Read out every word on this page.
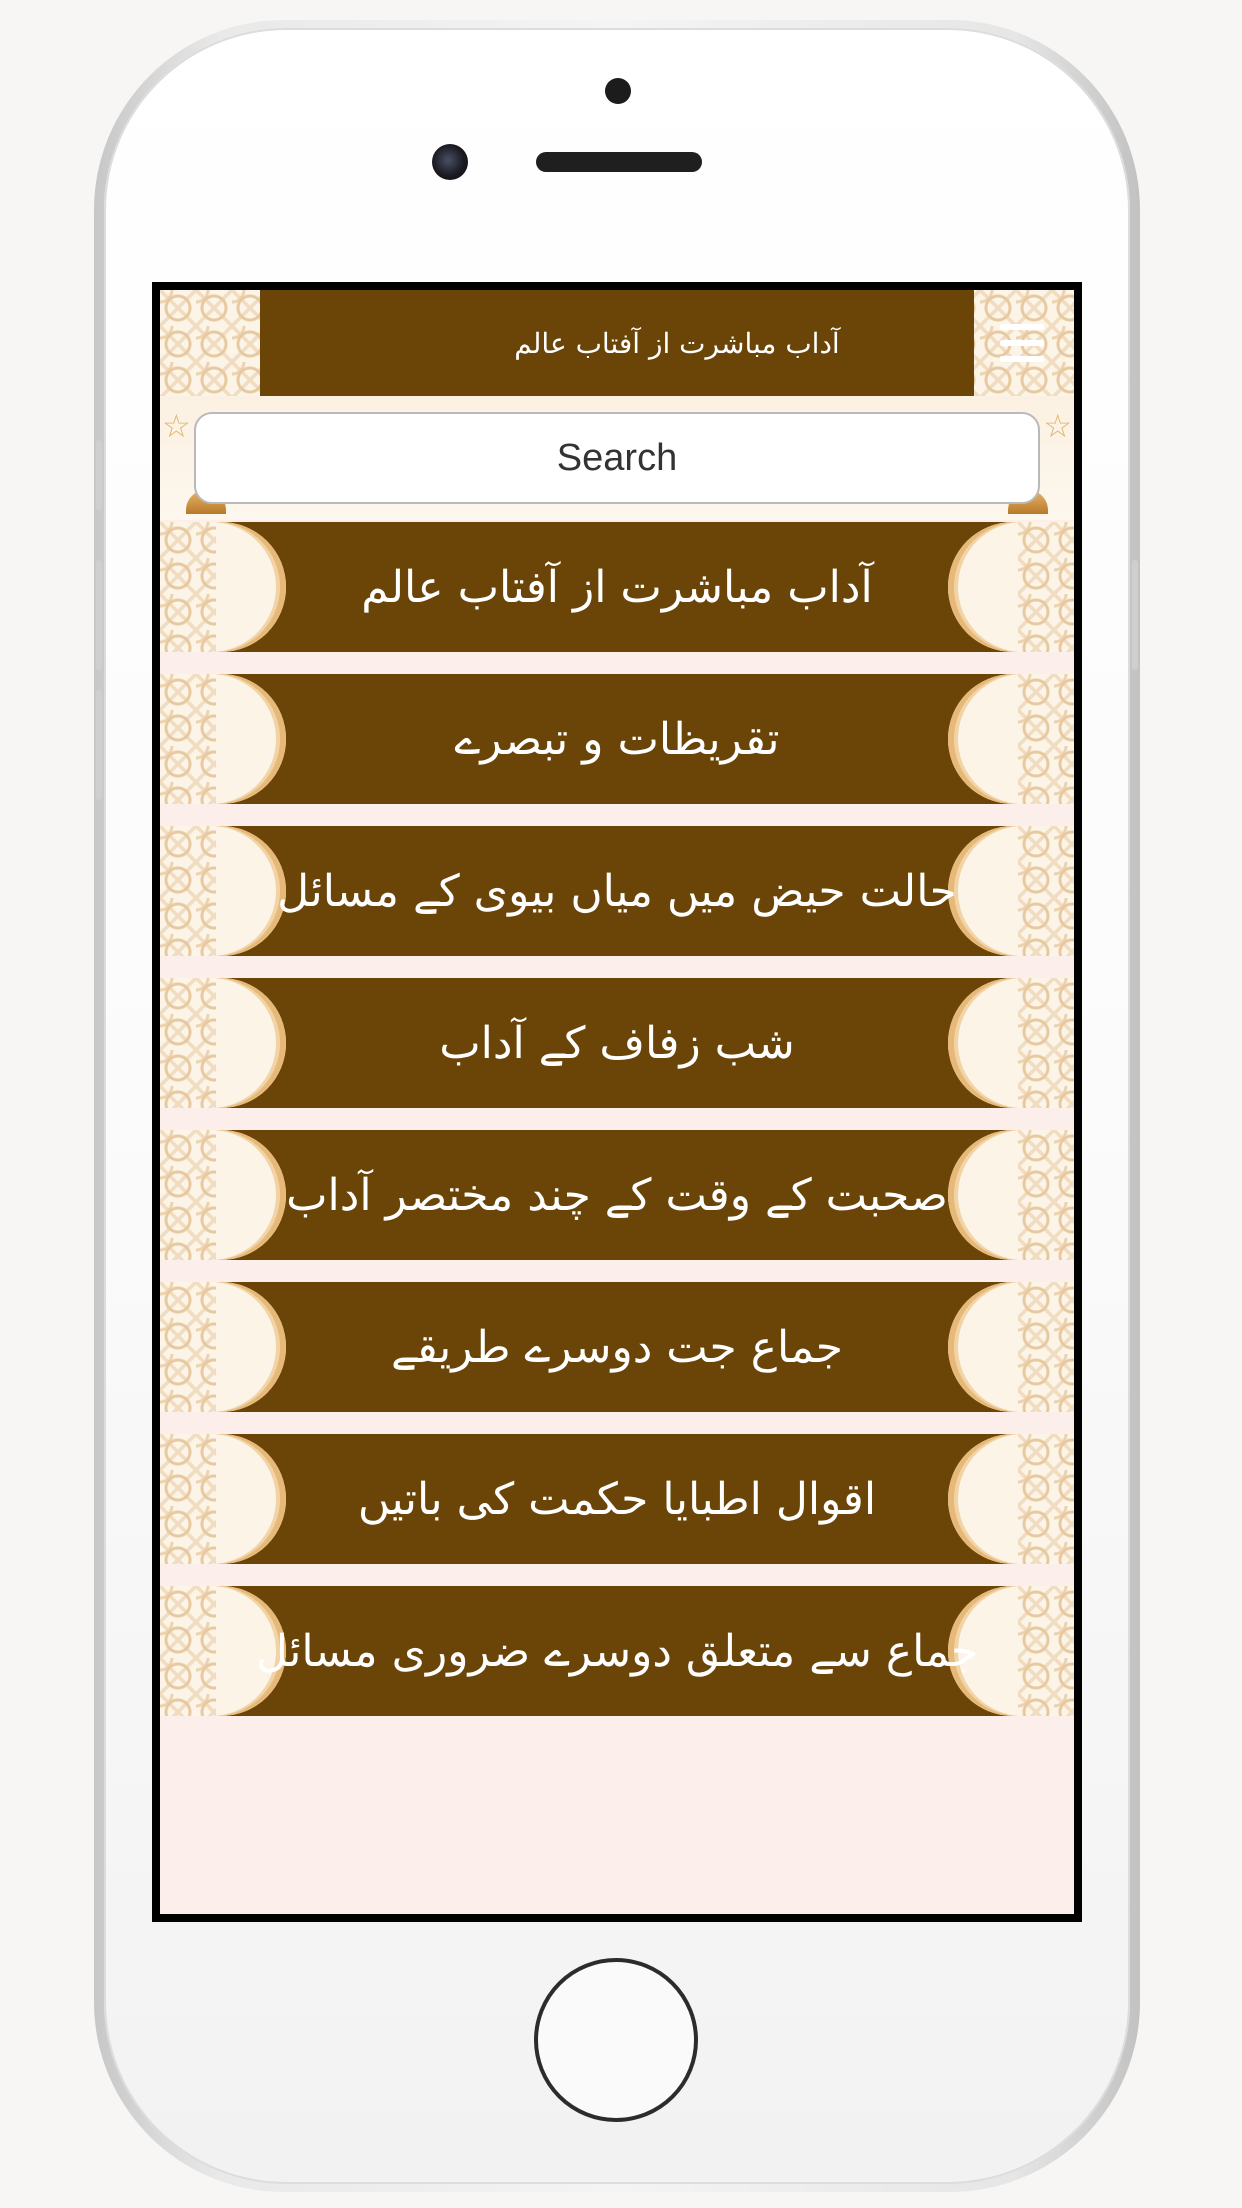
آداب مباشرت از آفتاب عالم
☆	☆
Search
آداب مباشرت از آفتاب عالم
تقریظات و تبصرے
حالت حیض میں میاں بیوی کے مسائل
شب زفاف کے آداب
صحبت کے وقت کے چند مختصر آداب
جماع جت دوسرے طریقے
اقوال اطبایا حکمت کی باتیں
جماع سے متعلق دوسرے ضروری مسائل
